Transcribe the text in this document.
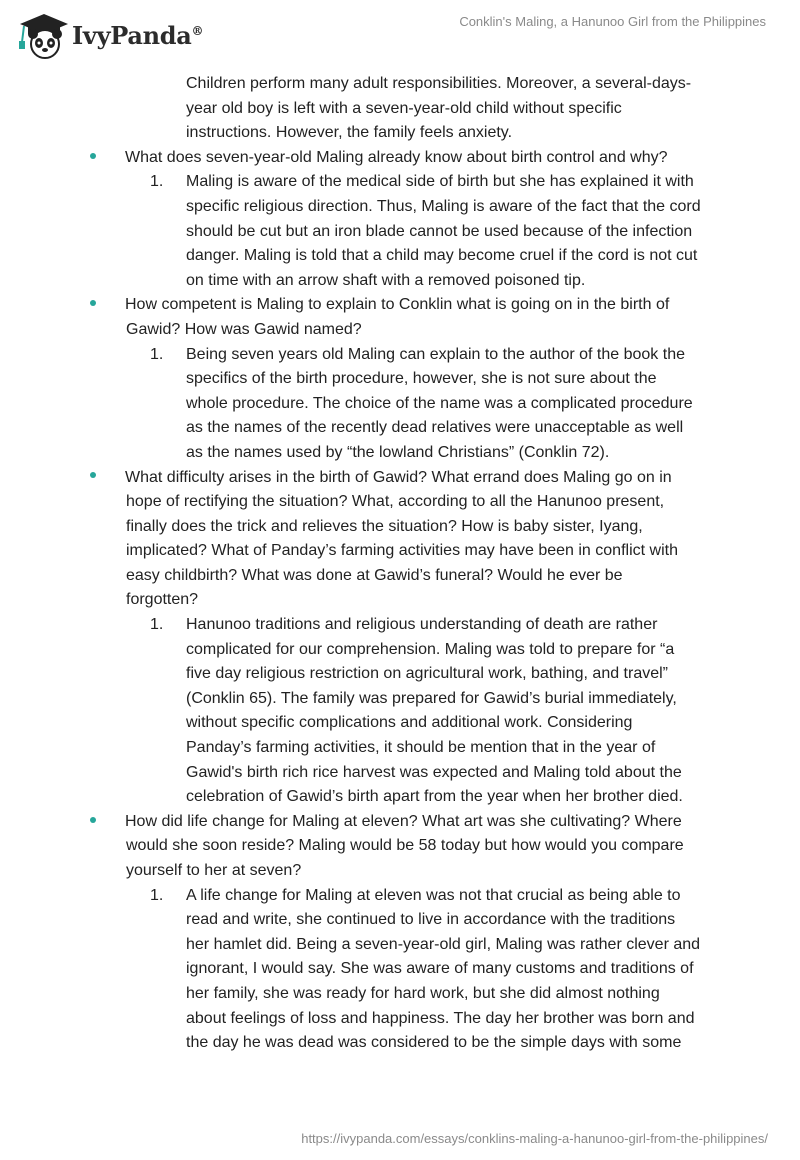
IvyPanda®
Conklin's Maling, a Hanunoo Girl from the Philippines
Children perform many adult responsibilities. Moreover, a several-days-
year old boy is left with a seven-year-old child without specific
instructions. However, the family feels anxiety.
What does seven-year-old Maling already know about birth control and why?
1.	Maling is aware of the medical side of birth but she has explained it with
specific religious direction. Thus, Maling is aware of the fact that the cord
should be cut but an iron blade cannot be used because of the infection
danger. Maling is told that a child may become cruel if the cord is not cut
on time with an arrow shaft with a removed poisoned tip.
How competent is Maling to explain to Conklin what is going on in the birth of
Gawid? How was Gawid named?
1.	Being seven years old Maling can explain to the author of the book the
specifics of the birth procedure, however, she is not sure about the
whole procedure. The choice of the name was a complicated procedure
as the names of the recently dead relatives were unacceptable as well
as the names used by “the lowland Christians” (Conklin 72).
What difficulty arises in the birth of Gawid? What errand does Maling go on in
hope of rectifying the situation? What, according to all the Hanunoo present,
finally does the trick and relieves the situation? How is baby sister, Iyang,
implicated? What of Panday’s farming activities may have been in conflict with
easy childbirth? What was done at Gawid’s funeral? Would he ever be
forgotten?
1.	Hanunoo traditions and religious understanding of death are rather
complicated for our comprehension. Maling was told to prepare for “a
five day religious restriction on agricultural work, bathing, and travel”
(Conklin 65). The family was prepared for Gawid’s burial immediately,
without specific complications and additional work. Considering
Panday’s farming activities, it should be mention that in the year of
Gawid's birth rich rice harvest was expected and Maling told about the
celebration of Gawid’s birth apart from the year when her brother died.
How did life change for Maling at eleven? What art was she cultivating? Where
would she soon reside? Maling would be 58 today but how would you compare
yourself to her at seven?
1.	A life change for Maling at eleven was not that crucial as being able to
read and write, she continued to live in accordance with the traditions
her hamlet did. Being a seven-year-old girl, Maling was rather clever and
ignorant, I would say. She was aware of many customs and traditions of
her family, she was ready for hard work, but she did almost nothing
about feelings of loss and happiness. The day her brother was born and
the day he was dead was considered to be the simple days with some
https://ivypanda.com/essays/conklins-maling-a-hanunoo-girl-from-the-philippines/
